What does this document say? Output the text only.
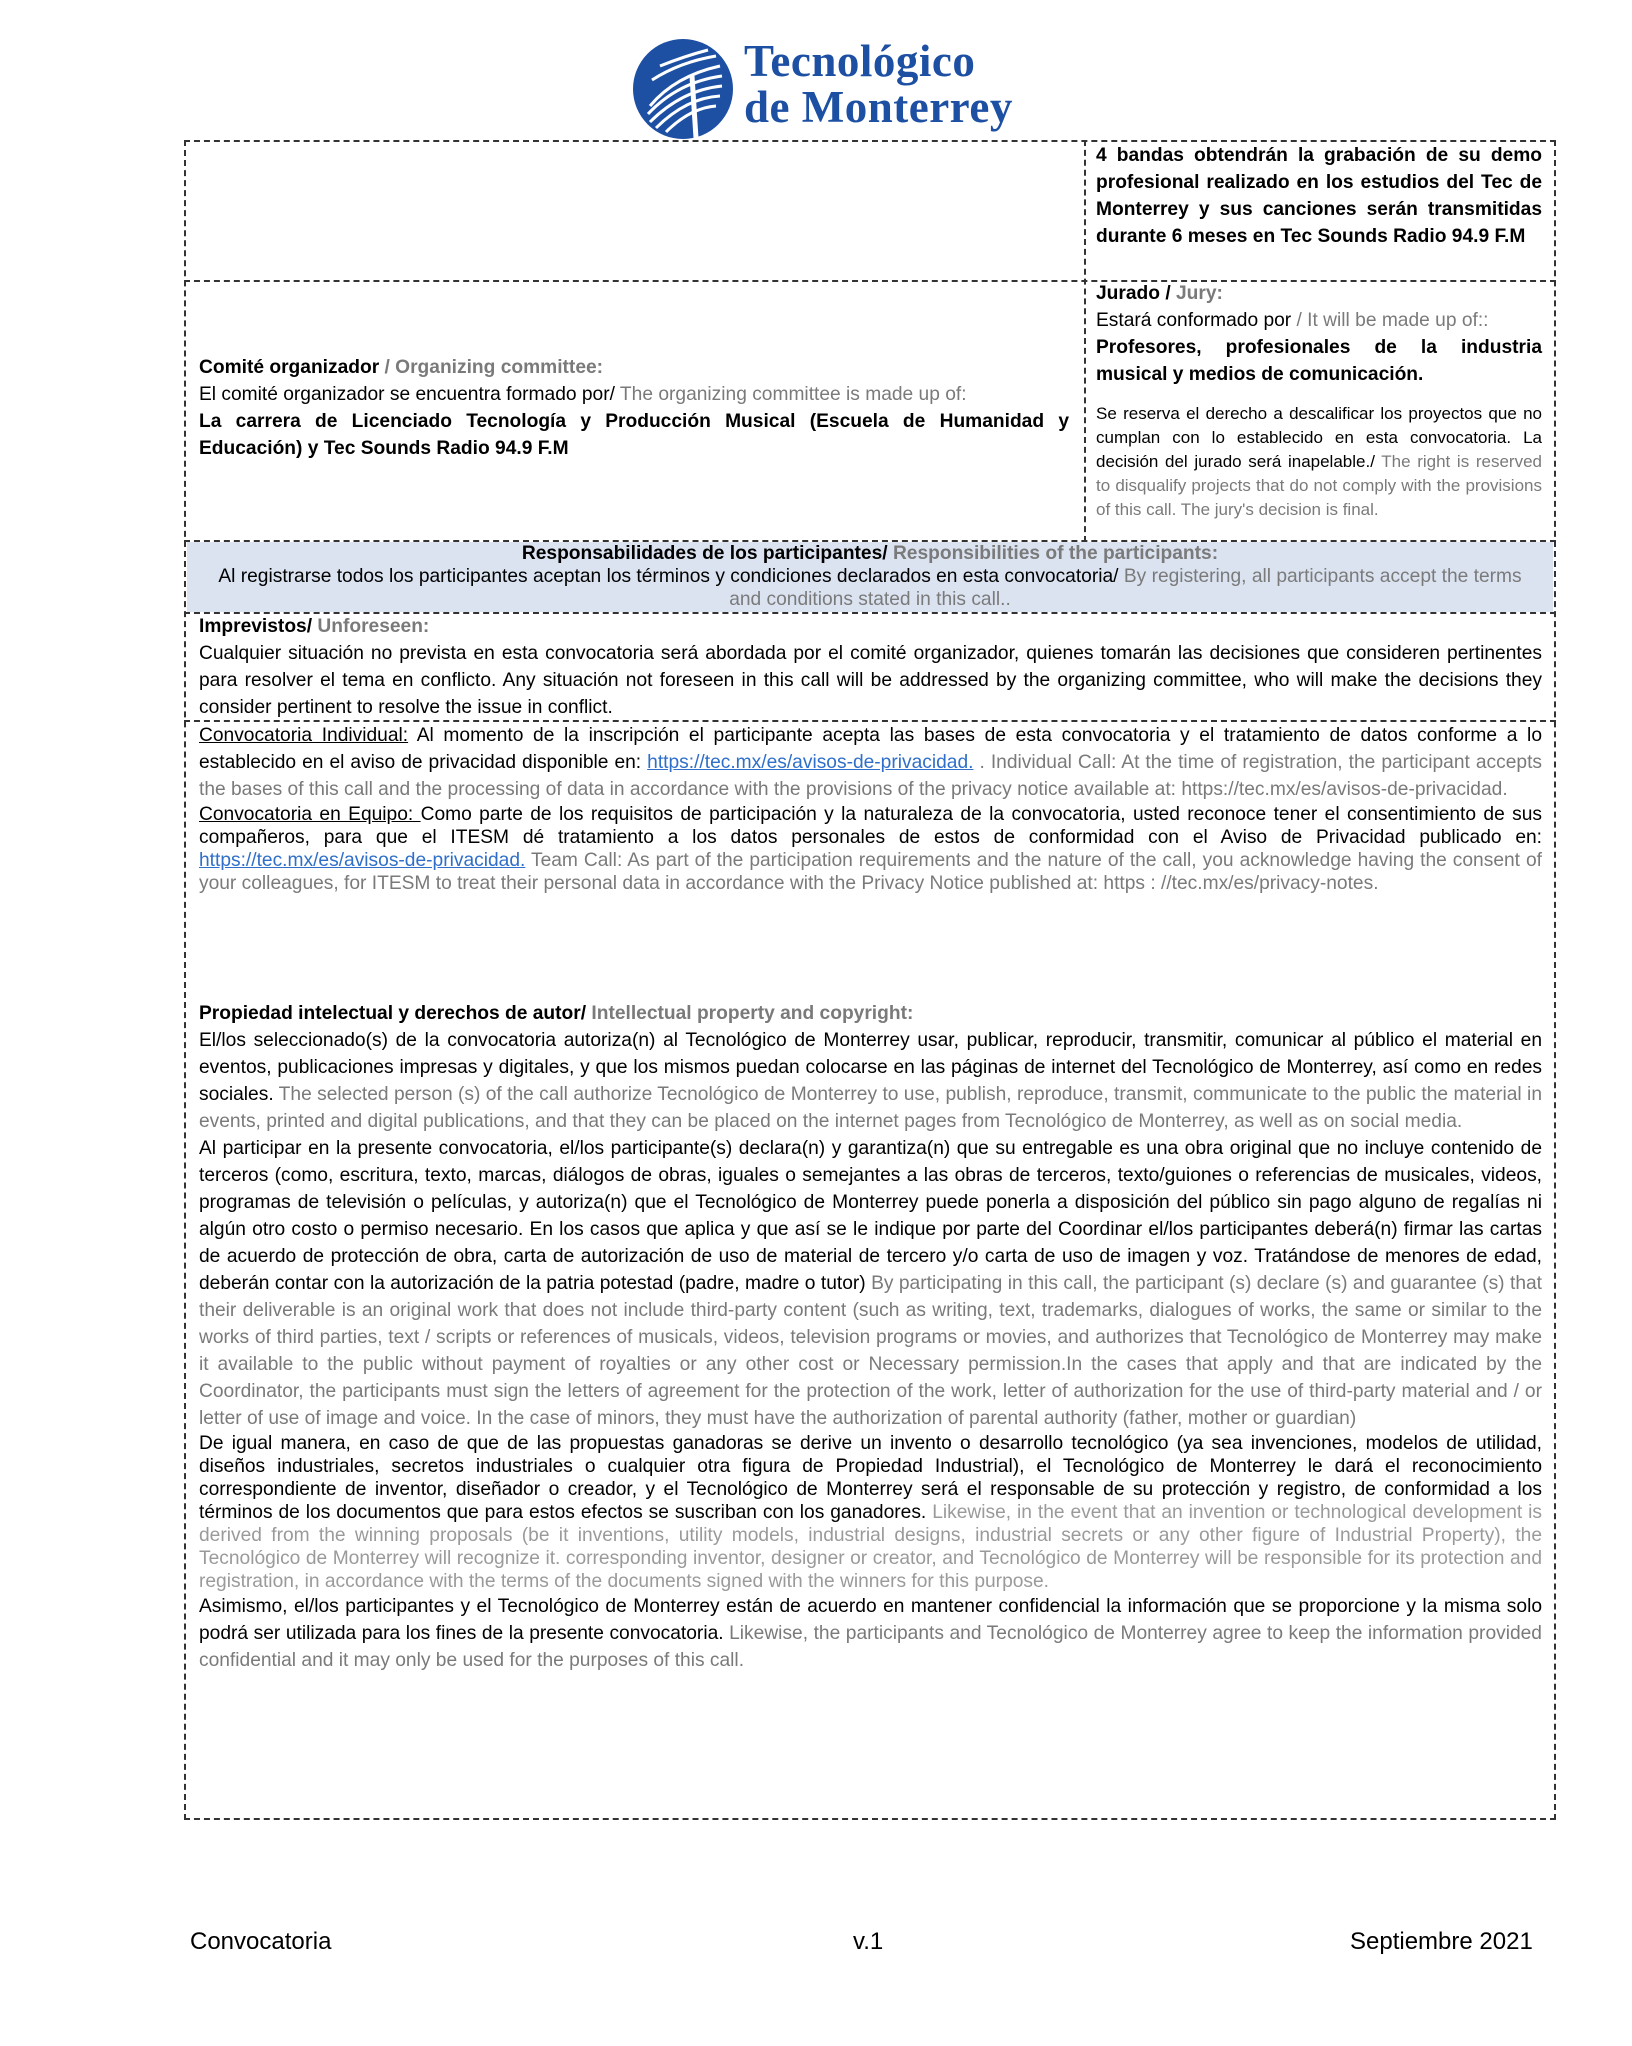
Tecnológico
de Monterrey

4 bandas obtendrán la grabación de su demo profesional realizado en los estudios del Tec de Monterrey y sus canciones serán transmitidas durante 6 meses en Tec Sounds Radio 94.9 F.M

Comité organizador / Organizing committee:

El comité organizador se encuentra formado por/ The organizing committee is made up of:

La carrera de Licenciado Tecnología y Producción Musical (Escuela de Humanidad y Educación) y Tec Sounds Radio 94.9 F.M

Jurado / Jury:

Estará conformado por / It will be made up of::

Profesores, profesionales de la industria musical y medios de comunicación.

Se reserva el derecho a descalificar los proyectos que no cumplan con lo establecido en esta convocatoria. La decisión del jurado será inapelable./ The right is reserved to disqualify projects that do not comply with the provisions of this call. The jury's decision is final.

Responsabilidades de los participantes/ Responsibilities of the participants:

Al registrarse todos los participantes aceptan los términos y condiciones declarados en esta convocatoria/ By registering, all participants accept the terms and conditions stated in this call..

Imprevistos/ Unforeseen:

Cualquier situación no prevista en esta convocatoria será abordada por el comité organizador, quienes tomarán las decisiones que consideren pertinentes para resolver el tema en conflicto. Any situación not foreseen in this call will be addressed by the organizing committee, who will make the decisions they consider pertinent to resolve the issue in conflict.

Convocatoria Individual: Al momento de la inscripción el participante acepta las bases de esta convocatoria y el tratamiento de datos conforme a lo establecido en el aviso de privacidad disponible en: https://tec.mx/es/avisos-de-privacidad. . Individual Call: At the time of registration, the participant accepts the bases of this call and the processing of data in accordance with the provisions of the privacy notice available at: https://tec.mx/es/avisos-de-privacidad.

Convocatoria en Equipo: Como parte de los requisitos de participación y la naturaleza de la convocatoria, usted reconoce tener el consentimiento de sus compañeros, para que el ITESM dé tratamiento a los datos personales de estos de conformidad con el Aviso de Privacidad publicado en: https://tec.mx/es/avisos-de-privacidad. Team Call: As part of the participation requirements and the nature of the call, you acknowledge having the consent of your colleagues, for ITESM to treat their personal data in accordance with the Privacy Notice published at: https : //tec.mx/es/privacy-notes.

Propiedad intelectual y derechos de autor/ Intellectual property and copyright:

El/los seleccionado(s) de la convocatoria autoriza(n) al Tecnológico de Monterrey usar, publicar, reproducir, transmitir, comunicar al público el material en eventos, publicaciones impresas y digitales, y que los mismos puedan colocarse en las páginas de internet del Tecnológico de Monterrey, así como en redes sociales. The selected person (s) of the call authorize Tecnológico de Monterrey to use, publish, reproduce, transmit, communicate to the public the material in events, printed and digital publications, and that they can be placed on the internet pages from Tecnológico de Monterrey, as well as on social media.

Al participar en la presente convocatoria, el/los participante(s) declara(n) y garantiza(n) que su entregable es una obra original que no incluye contenido de terceros (como, escritura, texto, marcas, diálogos de obras, iguales o semejantes a las obras de terceros, texto/guiones o referencias de musicales, videos, programas de televisión o películas, y autoriza(n) que el Tecnológico de Monterrey puede ponerla a disposición del público sin pago alguno de regalías ni algún otro costo o permiso necesario. En los casos que aplica y que así se le indique por parte del Coordinar el/los participantes deberá(n) firmar las cartas de acuerdo de protección de obra, carta de autorización de uso de material de tercero y/o carta de uso de imagen y voz. Tratándose de menores de edad, deberán contar con la autorización de la patria potestad (padre, madre o tutor) By participating in this call, the participant (s) declare (s) and guarantee (s) that their deliverable is an original work that does not include third-party content (such as writing, text, trademarks, dialogues of works, the same or similar to the works of third parties, text / scripts or references of musicals, videos, television programs or movies, and authorizes that Tecnológico de Monterrey may make it available to the public without payment of royalties or any other cost or Necessary permission.In the cases that apply and that are indicated by the Coordinator, the participants must sign the letters of agreement for the protection of the work, letter of authorization for the use of third-party material and / or letter of use of image and voice. In the case of minors, they must have the authorization of parental authority (father, mother or guardian)

De igual manera, en caso de que de las propuestas ganadoras se derive un invento o desarrollo tecnológico (ya sea invenciones, modelos de utilidad, diseños industriales, secretos industriales o cualquier otra figura de Propiedad Industrial), el Tecnológico de Monterrey le dará el reconocimiento correspondiente de inventor, diseñador o creador, y el Tecnológico de Monterrey será el responsable de su protección y registro, de conformidad a los términos de los documentos que para estos efectos se suscriban con los ganadores. Likewise, in the event that an invention or technological development is derived from the winning proposals (be it inventions, utility models, industrial designs, industrial secrets or any other figure of Industrial Property), the Tecnológico de Monterrey will recognize it. corresponding inventor, designer or creator, and Tecnológico de Monterrey will be responsible for its protection and registration, in accordance with the terms of the documents signed with the winners for this purpose.

Asimismo, el/los participantes y el Tecnológico de Monterrey están de acuerdo en mantener confidencial la información que se proporcione y la misma solo podrá ser utilizada para los fines de la presente convocatoria. Likewise, the participants and Tecnológico de Monterrey agree to keep the information provided confidential and it may only be used for the purposes of this call.

Convocatoria	v.1	Septiembre 2021
